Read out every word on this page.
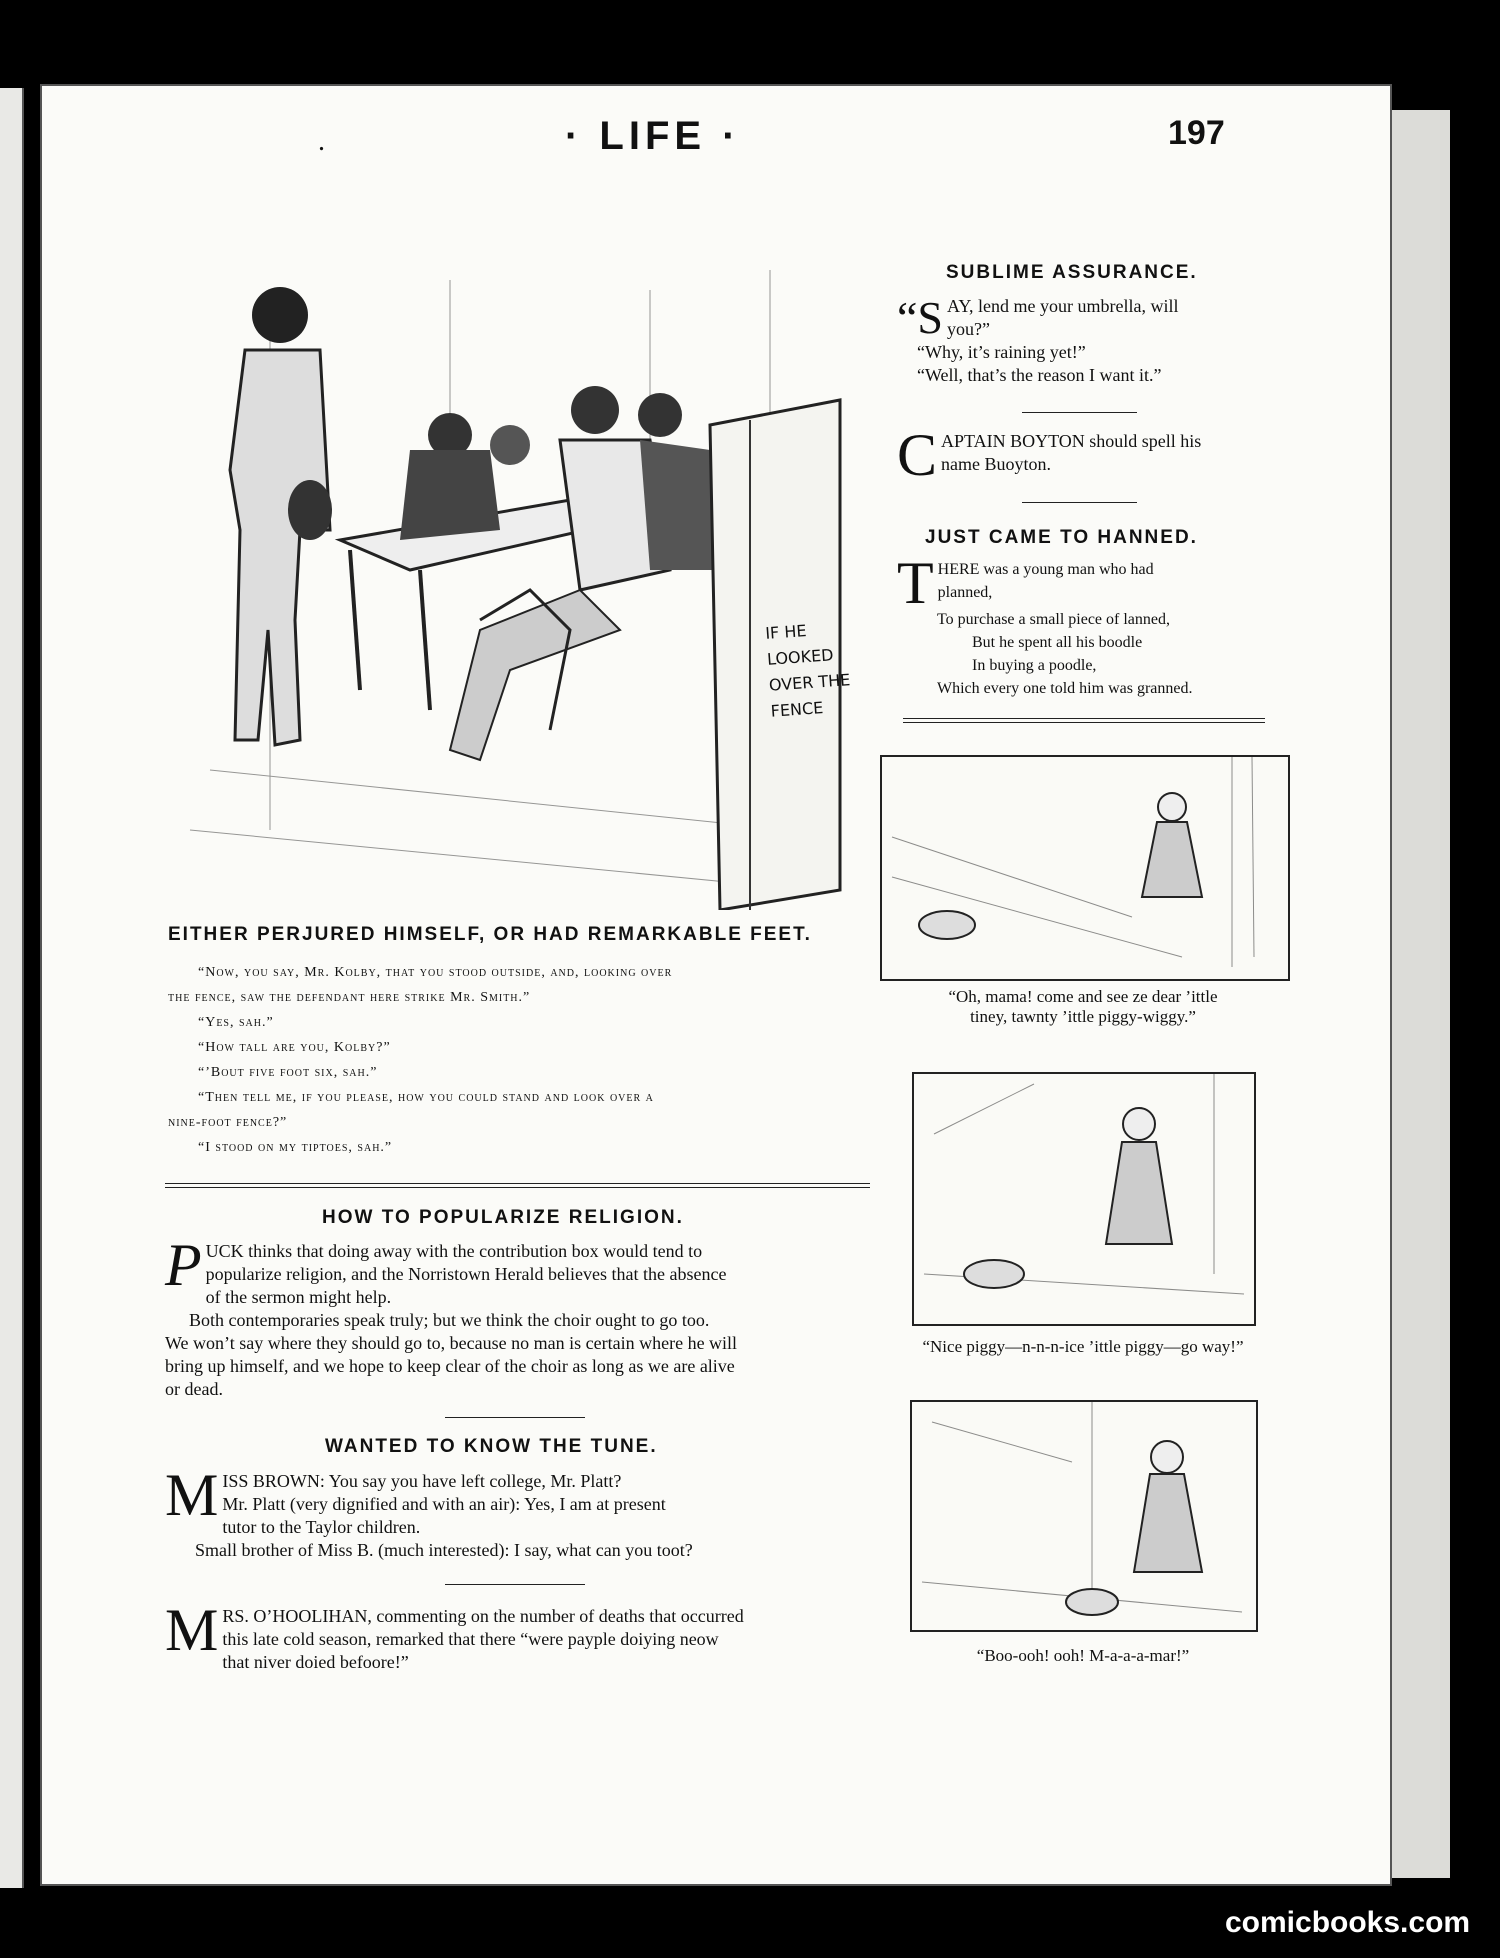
.	· LIFE ·	197
IF HE
LOOKED
OVER THE
FENCE
EITHER PERJURED HIMSELF, OR HAD REMARKABLE FEET.
“Now, you say, Mr. Kolby, that you stood outside, and, looking over
the fence, saw the defendant here strike Mr. Smith.”
“Yes, sah.”
“How tall are you, Kolby?”
“’Bout five foot six, sah.”
“Then tell me, if you please, how you could stand and look over a
nine-foot fence?”
“I stood on my tiptoes, sah.”
HOW TO POPULARIZE RELIGION.
P UCK thinks that doing away with the contribution box would tend to
popularize religion, and the Norristown Herald believes that the absence
of the sermon might help.
Both contemporaries speak truly; but we think the choir ought to go too.
We won’t say where they should go to, because no man is certain where he will
bring up himself, and we hope to keep clear of the choir as long as we are alive
or dead.
WANTED TO KNOW THE TUNE.
M ISS BROWN: You say you have left college, Mr. Platt?
Mr. Platt (very dignified and with an air): Yes, I am at present
tutor to the Taylor children.
Small brother of Miss B. (much interested): I say, what can you toot?
M RS. O’HOOLIHAN, commenting on the number of deaths that occurred
this late cold season, remarked that there “were payple doiying neow
that niver doied befoore!”
SUBLIME ASSURANCE.
“S AY, lend me your umbrella, will
you?”
“Why, it’s raining yet!”
“Well, that’s the reason I want it.”
C APTAIN BOYTON should spell his
name Buoyton.
JUST CAME TO HANNED.
T HERE was a young man who had
planned,
To purchase a small piece of lanned,
But he spent all his boodle
In buying a poodle,
Which every one told him was granned.
“Oh, mama! come and see ze dear ’ittle
tiney, tawnty ’ittle piggy-wiggy.”
“Nice piggy—n-n-n-ice ’ittle piggy—go way!”
“Boo-ooh! ooh! M-a-a-a-mar!”
comicbooks.com
